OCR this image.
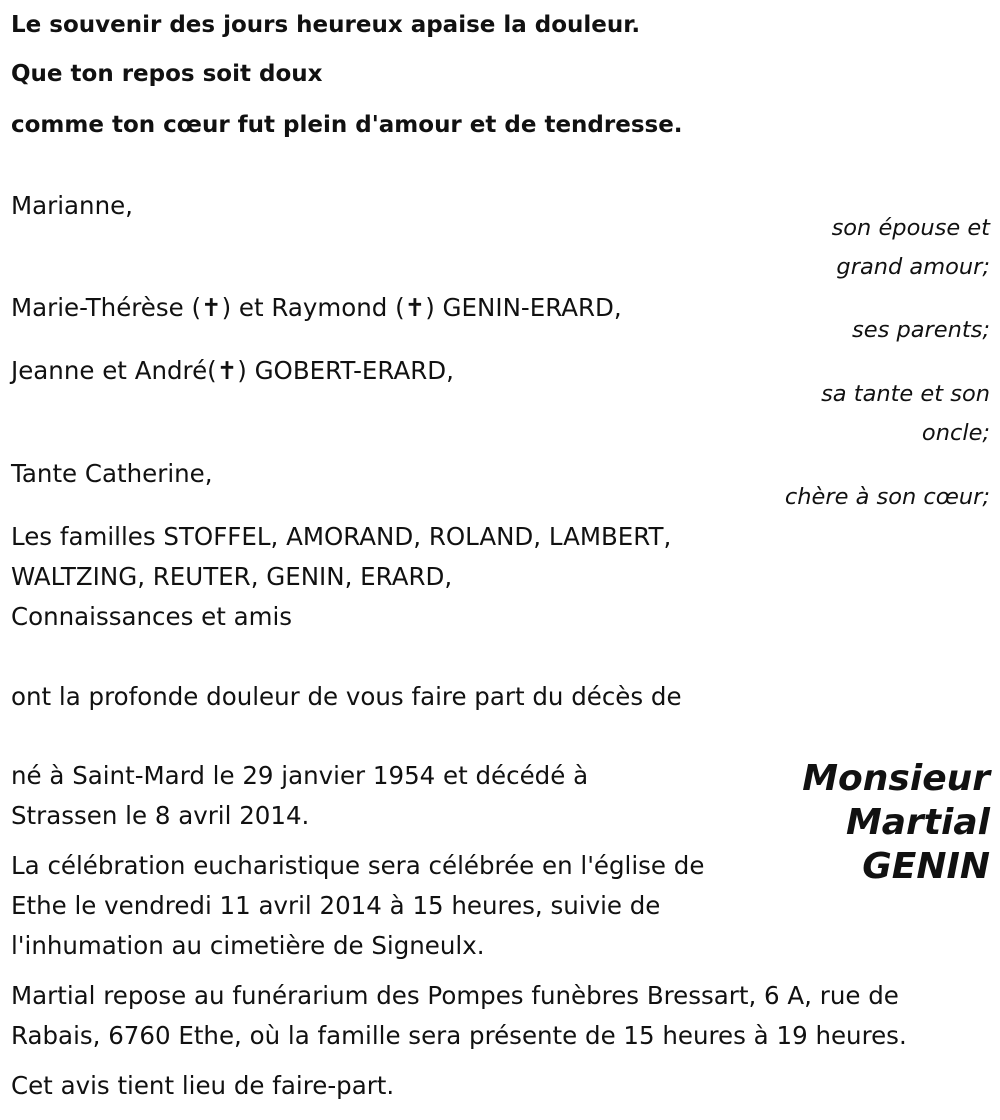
Le souvenir des jours heureux apaise la douleur.
Que ton repos soit doux
comme ton cœur fut plein d'amour et de tendresse.
Marianne,
son épouse et grand amour;
Marie-Thérèse (✝) et Raymond (✝) GENIN-ERARD,
ses parents;
Jeanne et André(✝) GOBERT-ERARD,
sa tante et son oncle;
Tante Catherine,
chère à son cœur;
Les familles STOFFEL, AMORAND, ROLAND, LAMBERT, WALTZING, REUTER, GENIN, ERARD,
Connaissances et amis
ont la profonde douleur de vous faire part du décès de
Monsieur
Martial
GENIN
né à Saint-Mard le 29 janvier 1954 et décédé à Strassen le 8 avril 2014.
La célébration eucharistique sera célébrée en l'église de Ethe le vendredi 11 avril 2014 à 15 heures, suivie de l'inhumation au cimetière de Signeulx.
Martial repose au funérarium des Pompes funèbres Bressart, 6 A, rue de Rabais, 6760 Ethe, où la famille sera présente de 15 heures à 19 heures.
Cet avis tient lieu de faire-part.
